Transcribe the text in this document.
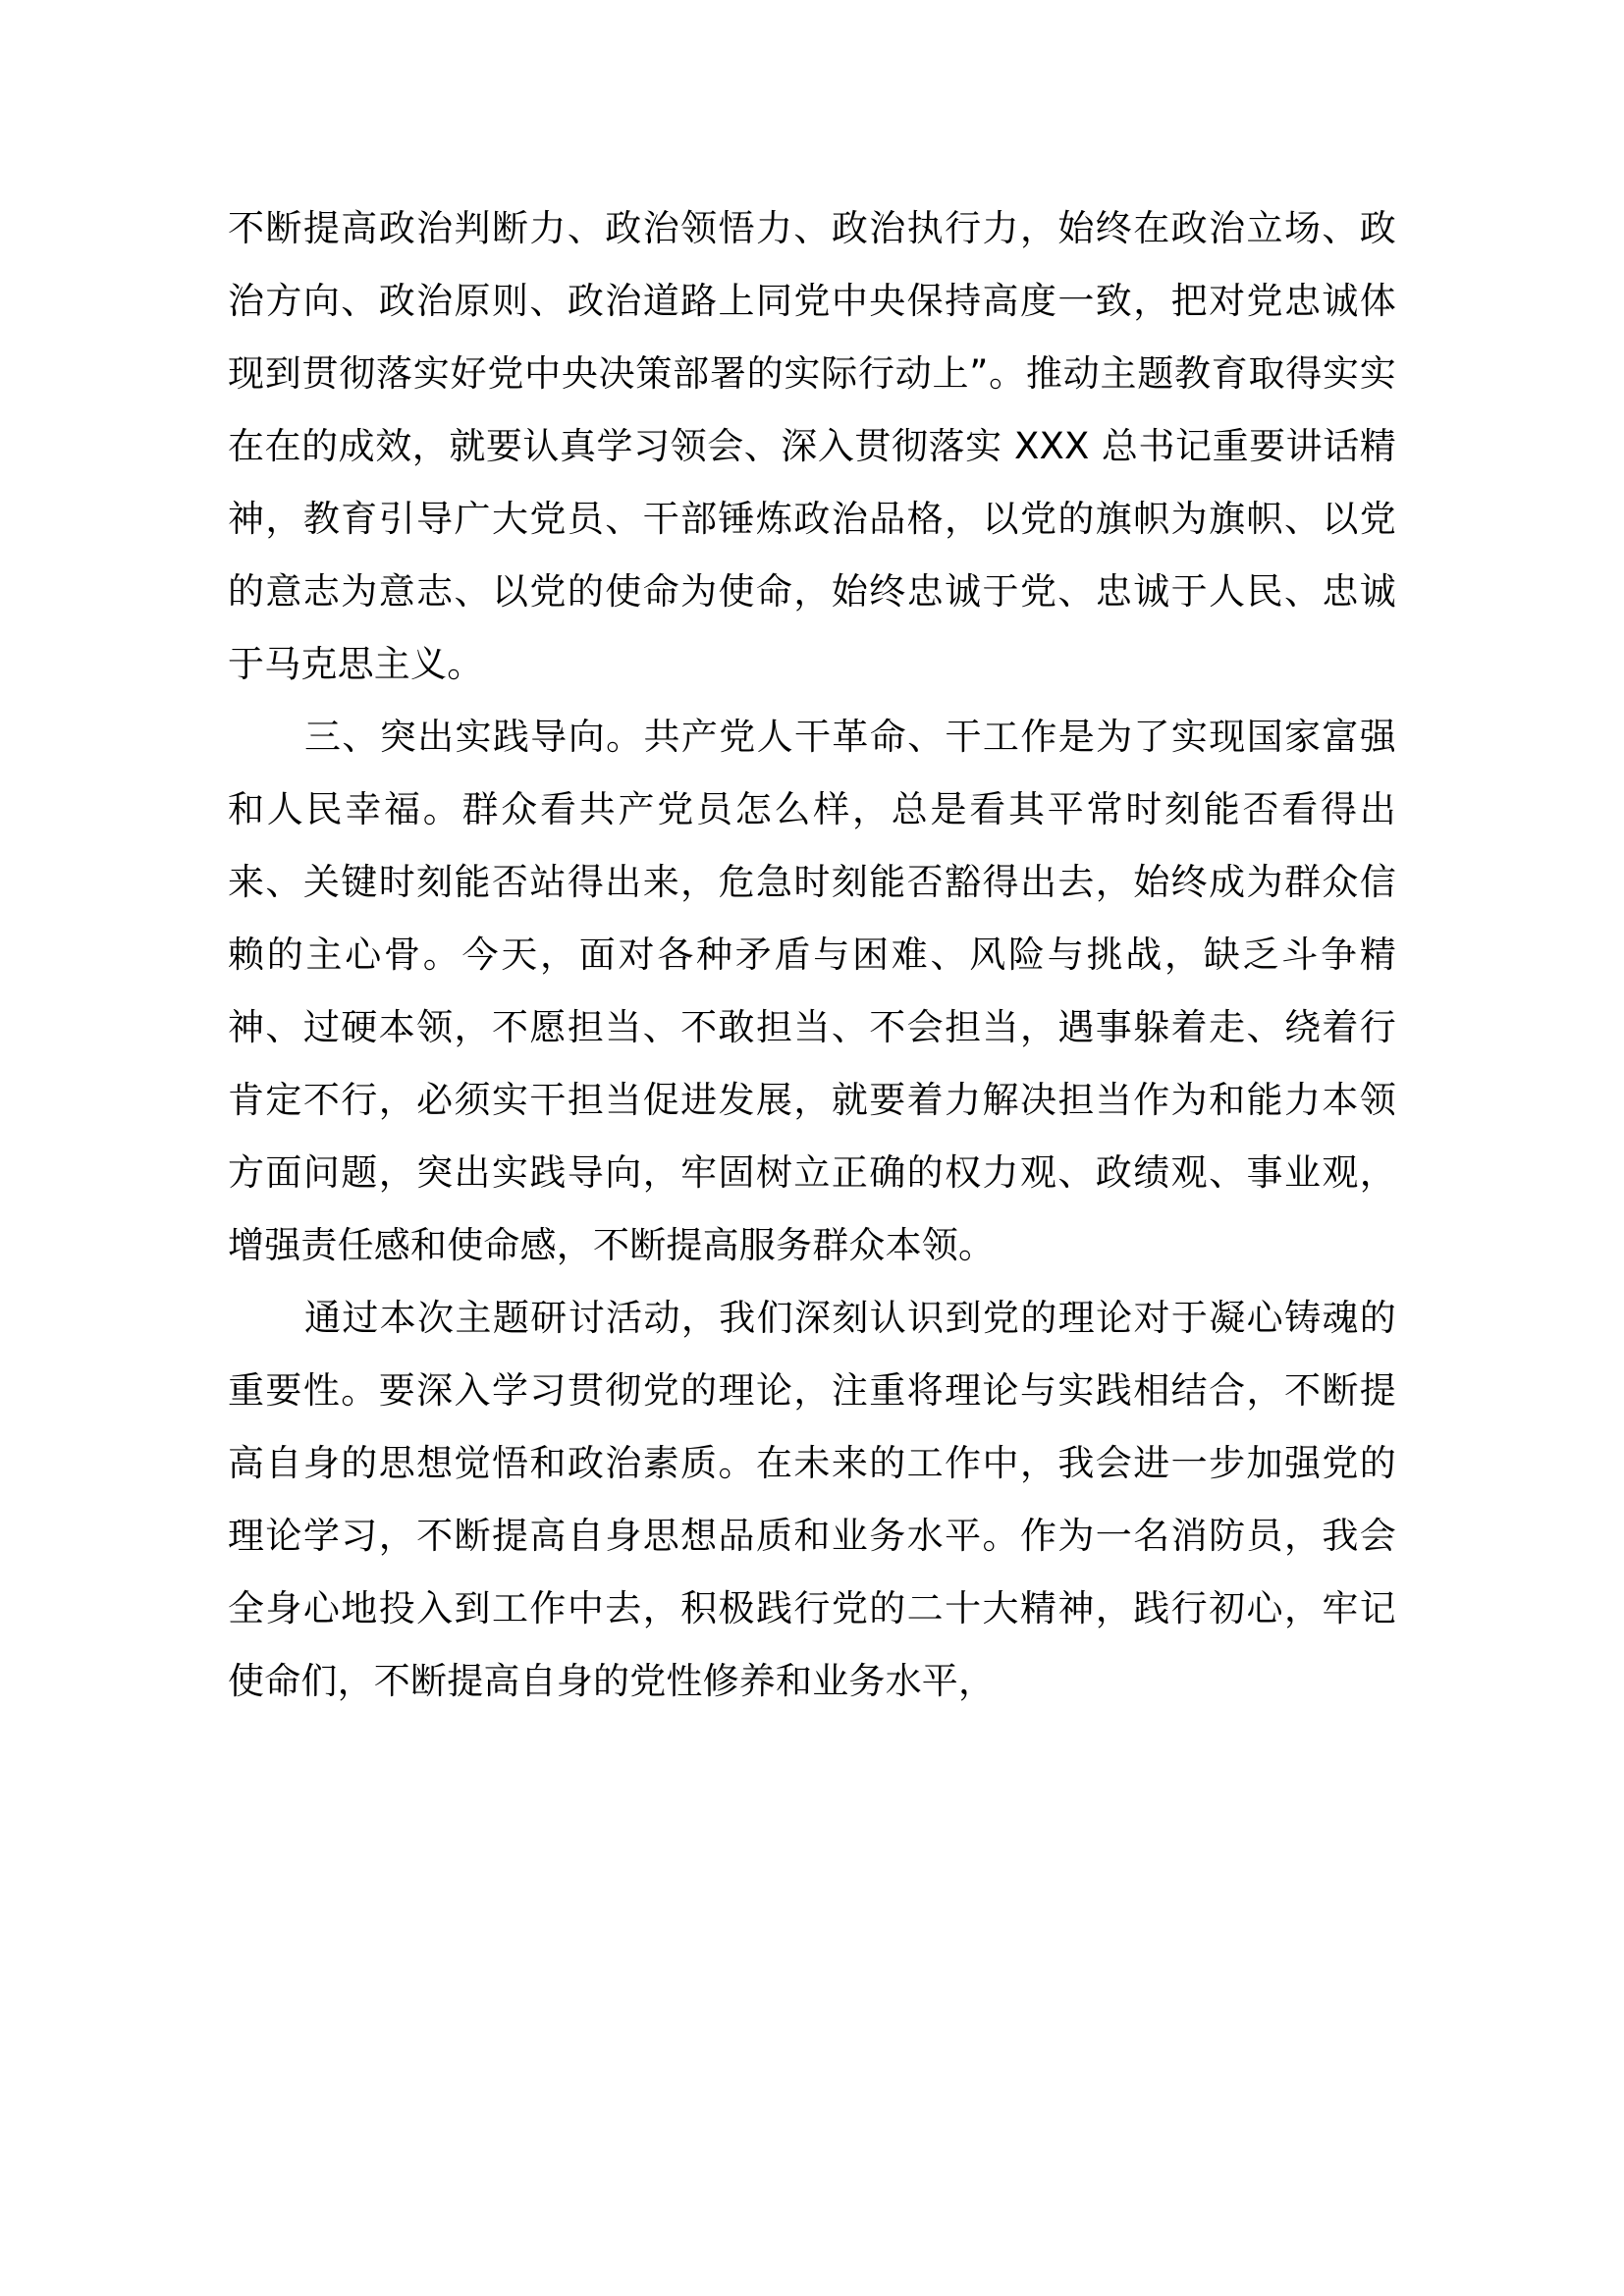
不断提高政治判断力、政治领悟力、政治执行力，始终在政治立场、政治方向、政治原则、政治道路上同党中央保持高度一致，把对党忠诚体现到贯彻落实好党中央决策部署的实际行动上”。推动主题教育取得实实在在的成效，就要认真学习领会、深入贯彻落实 XXX 总书记重要讲话精神，教育引导广大党员、干部锤炼政治品格，以党的旗帜为旗帜、以党的意志为意志、以党的使命为使命，始终忠诚于党、忠诚于人民、忠诚于马克思主义。

三、突出实践导向。共产党人干革命、干工作是为了实现国家富强和人民幸福。群众看共产党员怎么样，总是看其平常时刻能否看得出来、关键时刻能否站得出来，危急时刻能否豁得出去，始终成为群众信赖的主心骨。今天，面对各种矛盾与困难、风险与挑战，缺乏斗争精神、过硬本领，不愿担当、不敢担当、不会担当，遇事躲着走、绕着行肯定不行，必须实干担当促进发展，就要着力解决担当作为和能力本领方面问题，突出实践导向，牢固树立正确的权力观、政绩观、事业观，增强责任感和使命感，不断提高服务群众本领。

通过本次主题研讨活动，我们深刻认识到党的理论对于凝心铸魂的重要性。要深入学习贯彻党的理论，注重将理论与实践相结合，不断提高自身的思想觉悟和政治素质。在未来的工作中，我会进一步加强党的理论学习，不断提高自身思想品质和业务水平。作为一名消防员，我会全身心地投入到工作中去，积极践行党的二十大精神，践行初心，牢记使命们，不断提高自身的党性修养和业务水平，
